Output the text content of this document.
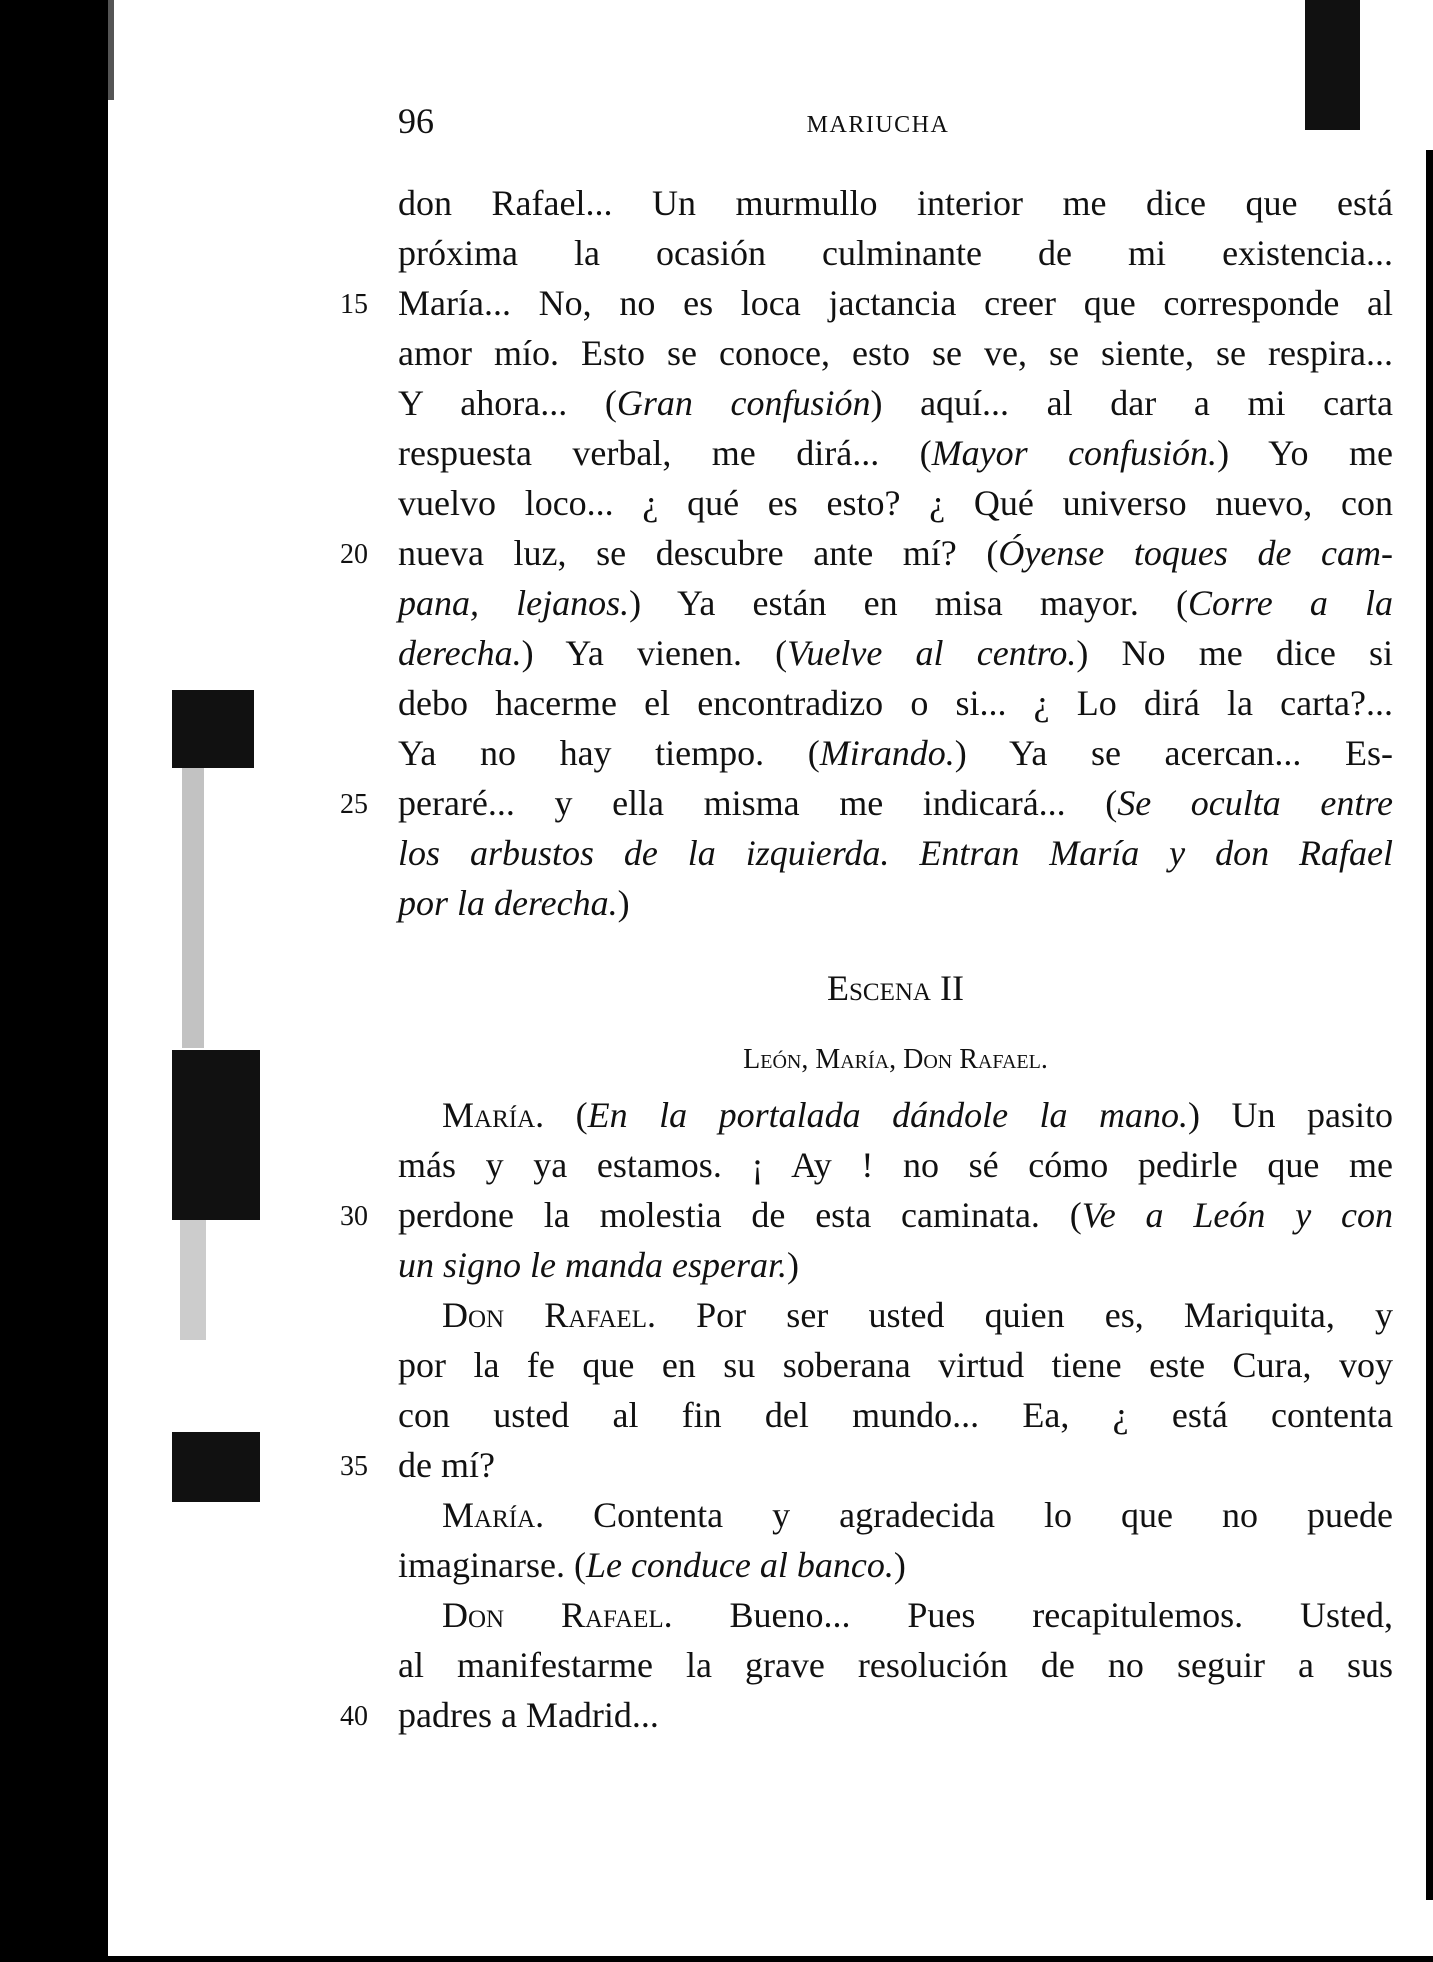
96	MARIUCHA
don Rafael... Un murmullo interior me dice que está
próxima la ocasión culminante de mi existencia...
15 María... No, no es loca jactancia creer que corresponde al
amor mío. Esto se conoce, esto se ve, se siente, se respira...
Y ahora... (Gran confusión) aquí... al dar a mi carta
respuesta verbal, me dirá... (Mayor confusión.) Yo me
vuelvo loco... ¿ qué es esto? ¿ Qué universo nuevo, con
20 nueva luz, se descubre ante mí? (Óyense toques de cam-
pana, lejanos.) Ya están en misa mayor. (Corre a la
derecha.) Ya vienen. (Vuelve al centro.) No me dice si
debo hacerme el encontradizo o si... ¿ Lo dirá la carta?...
Ya no hay tiempo. (Mirando.) Ya se acercan... Es-
25 peraré... y ella misma me indicará... (Se oculta entre
los arbustos de la izquierda. Entran María y don Rafael
por la derecha.)
Escena II
León, María, Don Rafael.
María. (En la portalada dándole la mano.) Un pasito
más y ya estamos. ¡ Ay ! no sé cómo pedirle que me
30 perdone la molestia de esta caminata. (Ve a León y con
un signo le manda esperar.)
Don Rafael. Por ser usted quien es, Mariquita, y
por la fe que en su soberana virtud tiene este Cura, voy
con usted al fin del mundo... Ea, ¿ está contenta
35 de mí?
María. Contenta y agradecida lo que no puede
imaginarse. (Le conduce al banco.)
Don Rafael. Bueno... Pues recapitulemos. Usted,
al manifestarme la grave resolución de no seguir a sus
40 padres a Madrid...
